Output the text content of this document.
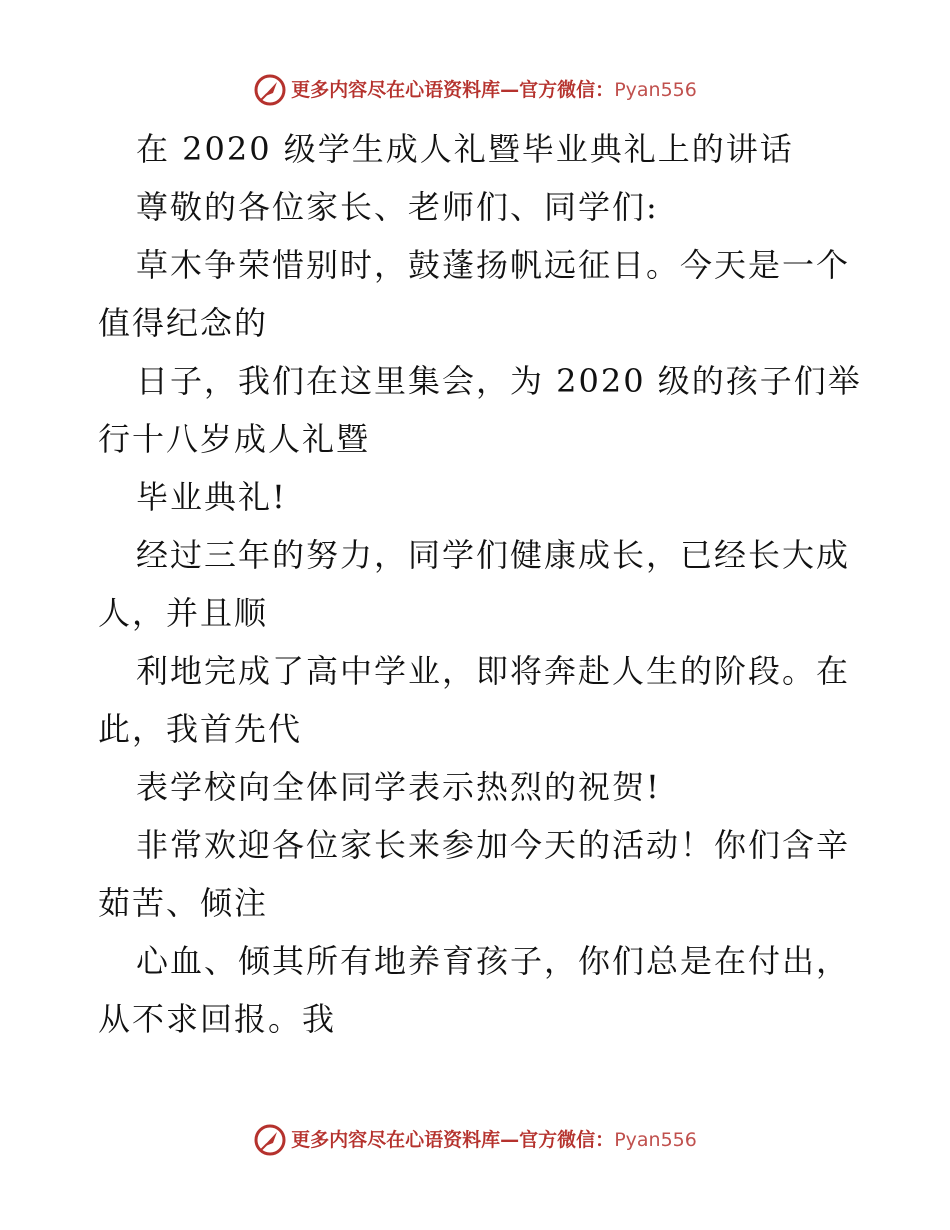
更多内容尽在心语资料库—官方微信：Pyan556
在 2020 级学生成人礼暨毕业典礼上的讲话
尊敬的各位家长、老师们、同学们:
草木争荣惜别时，鼓蓬扬帆远征日。今天是一个
值得纪念的
日子，我们在这里集会，为 2020 级的孩子们举
行十八岁成人礼暨
毕业典礼!
经过三年的努力，同学们健康成长，已经长大成
人，并且顺
利地完成了高中学业，即将奔赴人生的阶段。在
此，我首先代
表学校向全体同学表示热烈的祝贺!
非常欢迎各位家长来参加今天的活动！你们含辛
茹苦、倾注
心血、倾其所有地养育孩子，你们总是在付出，
从不求回报。我
更多内容尽在心语资料库—官方微信：Pyan556
